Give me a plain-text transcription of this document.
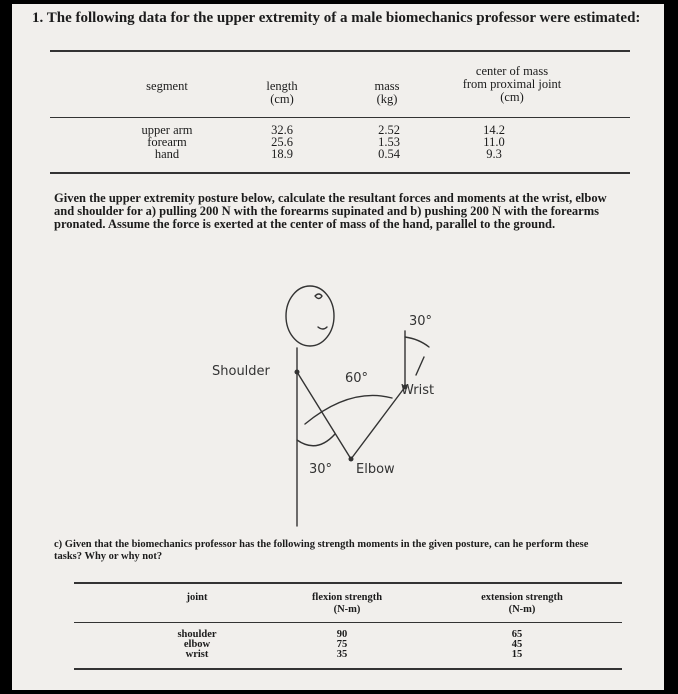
1. The following data for the upper extremity of a male biomechanics professor were estimated:
segment	length
(cm)
mass
(kg)
center of mass
from proximal joint
(cm)
upper arm
forearm
hand
32.6
25.6
18.9
2.52
1.53
0.54
14.2
11.0
9.3
Given the upper extremity posture below, calculate the resultant forces and moments at the wrist, elbow and shoulder for a) pulling 200 N with the forearms supinated and b) pushing 200 N with the forearms pronated. Assume the force is exerted at the center of mass of the hand, parallel to the ground.
Shoulder
Wrist
Elbow
30°
60°
30°
c) Given that the biomechanics professor has the following strength moments in the given posture, can he perform these tasks? Why or why not?
joint	flexion strength
(N-m)
extension strength
(N-m)
shoulder
elbow
wrist
90
75
35
65
45
15
